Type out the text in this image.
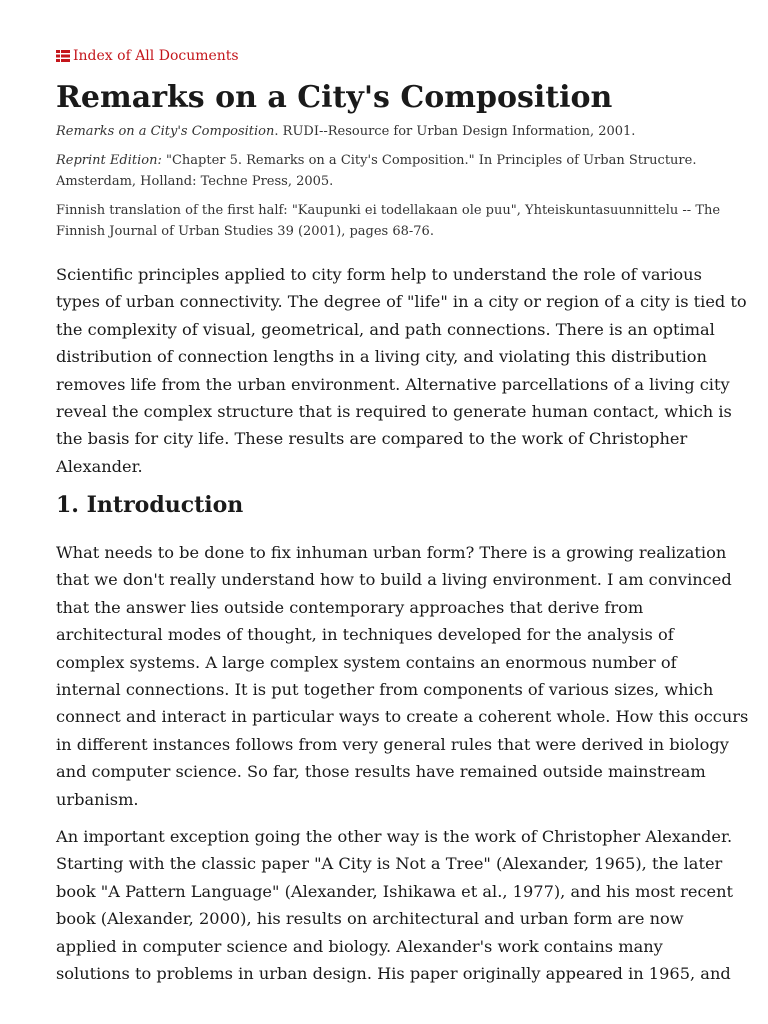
Index of All Documents
Remarks on a City's Composition

Remarks on a City's Composition. RUDI--Resource for Urban Design Information, 2001.

Reprint Edition: "Chapter 5. Remarks on a City's Composition." In Principles of Urban Structure.
Amsterdam, Holland: Techne Press, 2005.

Finnish translation of the first half: "Kaupunki ei todellakaan ole puu", Yhteiskuntasuunnittelu -- The
Finnish Journal of Urban Studies 39 (2001), pages 68-76.

Scientific principles applied to city form help to understand the role of various
types of urban connectivity. The degree of "life" in a city or region of a city is tied to
the complexity of visual, geometrical, and path connections. There is an optimal
distribution of connection lengths in a living city, and violating this distribution
removes life from the urban environment. Alternative parcellations of a living city
reveal the complex structure that is required to generate human contact, which is
the basis for city life. These results are compared to the work of Christopher
Alexander.

1. Introduction

What needs to be done to fix inhuman urban form? There is a growing realization
that we don't really understand how to build a living environment. I am convinced
that the answer lies outside contemporary approaches that derive from
architectural modes of thought, in techniques developed for the analysis of
complex systems. A large complex system contains an enormous number of
internal connections. It is put together from components of various sizes, which
connect and interact in particular ways to create a coherent whole. How this occurs
in different instances follows from very general rules that were derived in biology
and computer science. So far, those results have remained outside mainstream
urbanism.

An important exception going the other way is the work of Christopher Alexander.
Starting with the classic paper "A City is Not a Tree" (Alexander, 1965), the later
book "A Pattern Language" (Alexander, Ishikawa et al., 1977), and his most recent
book (Alexander, 2000), his results on architectural and urban form are now
applied in computer science and biology. Alexander's work contains many
solutions to problems in urban design. His paper originally appeared in 1965, and
